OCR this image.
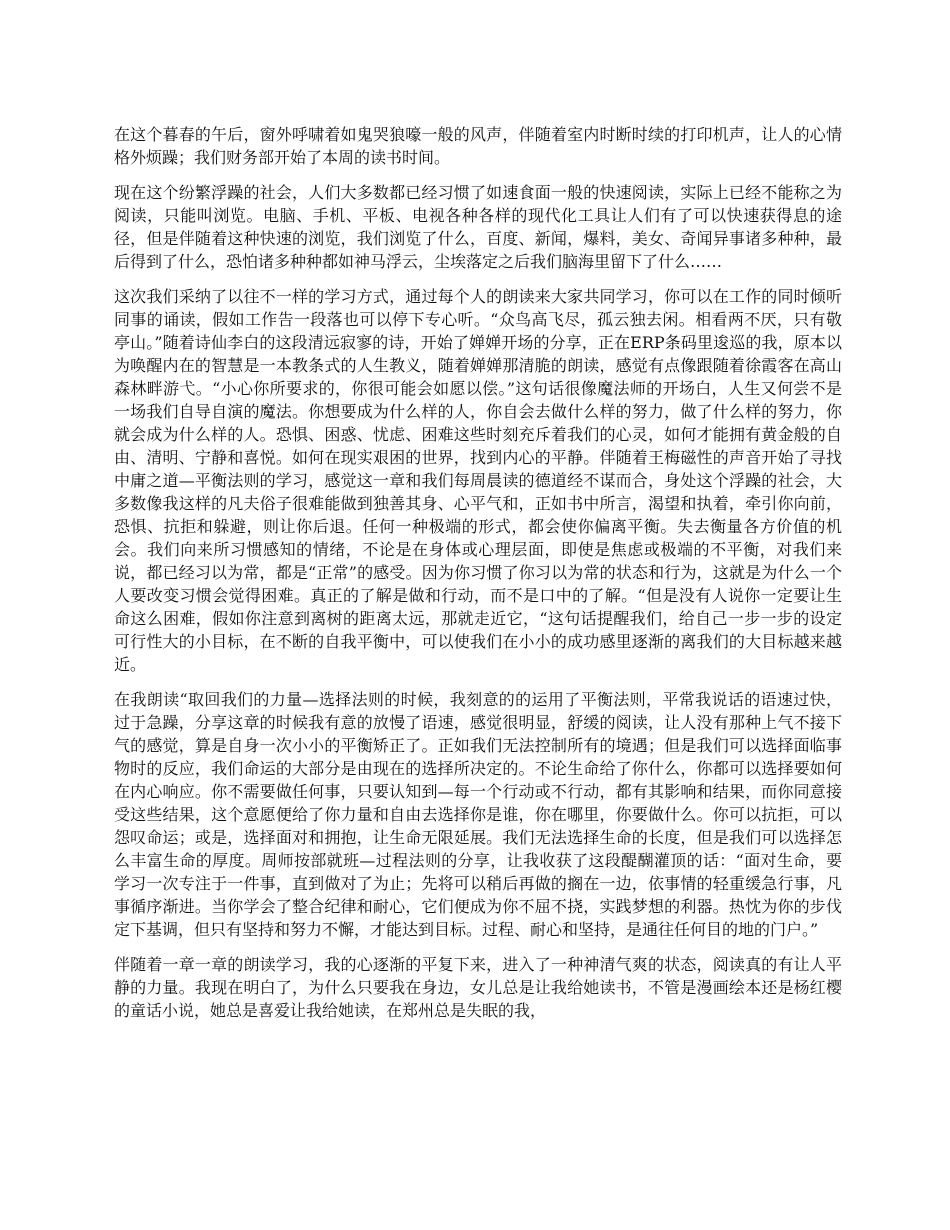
在这个暮春的午后，窗外呼啸着如鬼哭狼嚎一般的风声，伴随着室内时断时续的打印机声，让人的心情格外烦躁；我们财务部开始了本周的读书时间。

现在这个纷繁浮躁的社会，人们大多数都已经习惯了如速食面一般的快速阅读，实际上已经不能称之为阅读，只能叫浏览。电脑、手机、平板、电视各种各样的现代化工具让人们有了可以快速获得息的途径，但是伴随着这种快速的浏览，我们浏览了什么，百度、新闻，爆料，美女、奇闻异事诸多种种，最后得到了什么，恐怕诸多种种都如神马浮云，尘埃落定之后我们脑海里留下了什么……

这次我们采纳了以往不一样的学习方式，通过每个人的朗读来大家共同学习，你可以在工作的同时倾听同事的诵读，假如工作告一段落也可以停下专心听。“众鸟高飞尽，孤云独去闲。相看两不厌，只有敬亭山。”随着诗仙李白的这段清远寂寥的诗，开始了婵婵开场的分享，正在ERP条码里逡巡的我，原本以为唤醒内在的智慧是一本教条式的人生教义，随着婵婵那清脆的朗读，感觉有点像跟随着徐霞客在高山森林畔游弋。“小心你所要求的，你很可能会如愿以偿。”这句话很像魔法师的开场白，人生又何尝不是一场我们自导自演的魔法。你想要成为什么样的人，你自会去做什么样的努力，做了什么样的努力，你就会成为什么样的人。恐惧、困惑、忧虑、困难这些时刻充斥着我们的心灵，如何才能拥有黄金般的自由、清明、宁静和喜悦。如何在现实艰困的世界，找到内心的平静。伴随着王梅磁性的声音开始了寻找中庸之道—平衡法则的学习，感觉这一章和我们每周晨读的德道经不谋而合，身处这个浮躁的社会，大多数像我这样的凡夫俗子很难能做到独善其身、心平气和，正如书中所言，渴望和执着，牵引你向前，恐惧、抗拒和躲避，则让你后退。任何一种极端的形式，都会使你偏离平衡。失去衡量各方价值的机会。我们向来所习惯感知的情绪，不论是在身体或心理层面，即使是焦虑或极端的不平衡，对我们来说，都已经习以为常，都是“正常”的感受。因为你习惯了你习以为常的状态和行为，这就是为什么一个人要改变习惯会觉得困难。真正的了解是做和行动，而不是口中的了解。“但是没有人说你一定要让生命这么困难，假如你注意到离树的距离太远，那就走近它，“这句话提醒我们，给自己一步一步的设定可行性大的小目标，在不断的自我平衡中，可以使我们在小小的成功感里逐渐的离我们的大目标越来越近。

在我朗读“取回我们的力量—选择法则的时候，我刻意的的运用了平衡法则，平常我说话的语速过快，过于急躁，分享这章的时候我有意的放慢了语速，感觉很明显，舒缓的阅读，让人没有那种上气不接下气的感觉，算是自身一次小小的平衡矫正了。正如我们无法控制所有的境遇；但是我们可以选择面临事物时的反应，我们命运的大部分是由现在的选择所决定的。不论生命给了你什么，你都可以选择要如何在内心响应。你不需要做任何事，只要认知到—每一个行动或不行动，都有其影响和结果，而你同意接受这些结果，这个意愿便给了你力量和自由去选择你是谁，你在哪里，你要做什么。你可以抗拒，可以怨叹命运；或是，选择面对和拥抱，让生命无限延展。我们无法选择生命的长度，但是我们可以选择怎么丰富生命的厚度。周师按部就班—过程法则的分享，让我收获了这段醍醐灌顶的话：“面对生命，要学习一次专注于一件事，直到做对了为止；先将可以稍后再做的搁在一边，依事情的轻重缓急行事，凡事循序渐进。当你学会了整合纪律和耐心，它们便成为你不屈不挠，实践梦想的利器。热忱为你的步伐定下基调，但只有坚持和努力不懈，才能达到目标。过程、耐心和坚持，是通往任何目的地的门户。”

伴随着一章一章的朗读学习，我的心逐渐的平复下来，进入了一种神清气爽的状态，阅读真的有让人平静的力量。我现在明白了，为什么只要我在身边，女儿总是让我给她读书，不管是漫画绘本还是杨红樱的童话小说，她总是喜爱让我给她读，在郑州总是失眠的我，
